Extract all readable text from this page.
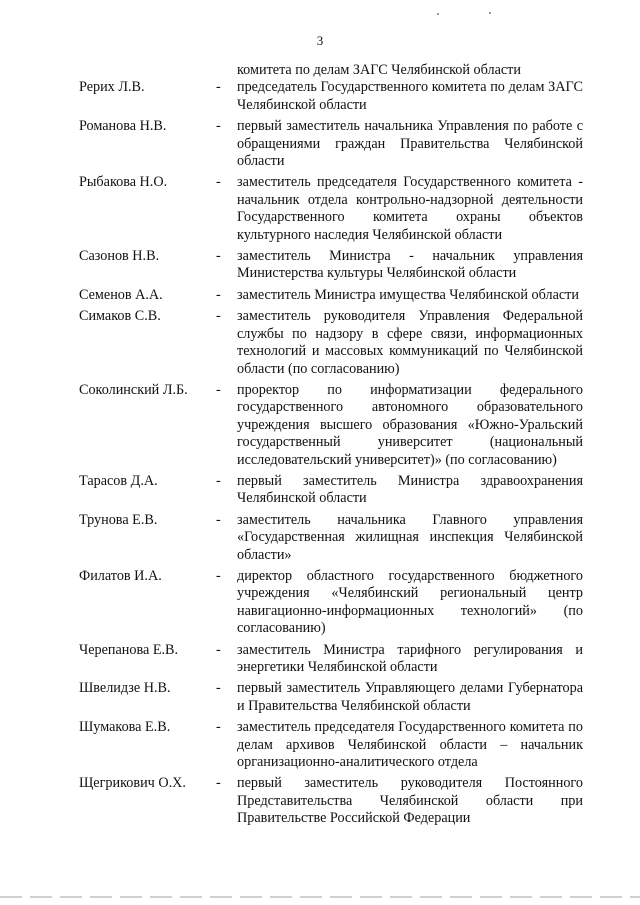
3
комитета по делам ЗАГС Челябинской области
Рерих Л.В.	- председатель Государственного комитета по делам ЗАГС Челябинской области
Романова Н.В.	- первый заместитель начальника Управления по работе с обращениями граждан Правительства Челябинской области
Рыбакова Н.О.	- заместитель председателя Государственного комитета - начальник отдела контрольно-надзорной деятельности Государственного комитета охраны объектов культурного наследия Челябинской области
Сазонов Н.В.	- заместитель Министра - начальник управления Министерства культуры Челябинской области
Семенов А.А.	- заместитель Министра имущества Челябинской области
Симаков С.В.	- заместитель руководителя Управления Федеральной службы по надзору в сфере связи, информационных технологий и массовых коммуникаций по Челябинской области (по согласованию)
Соколинский Л.Б. - проректор по информатизации федерального государственного автономного образовательного учреждения высшего образования «Южно-Уральский государственный университет (национальный исследовательский университет)» (по согласованию)
Тарасов Д.А.	- первый заместитель Министра здравоохранения Челябинской области
Трунова Е.В.	- заместитель начальника Главного управления «Государственная жилищная инспекция Челябинской области»
Филатов И.А.	- директор областного государственного бюджетного учреждения «Челябинский региональный центр навигационно-информационных технологий» (по согласованию)
Черепанова Е.В.	- заместитель Министра тарифного регулирования и энергетики Челябинской области
Швелидзе Н.В.	- первый заместитель Управляющего делами Губернатора и Правительства Челябинской области
Шумакова Е.В.	- заместитель председателя Государственного комитета по делам архивов Челябинской области – начальник организационно-аналитического отдела
Щегрикович О.Х. - первый заместитель руководителя Постоянного Представительства Челябинской области при Правительстве Российской Федерации
